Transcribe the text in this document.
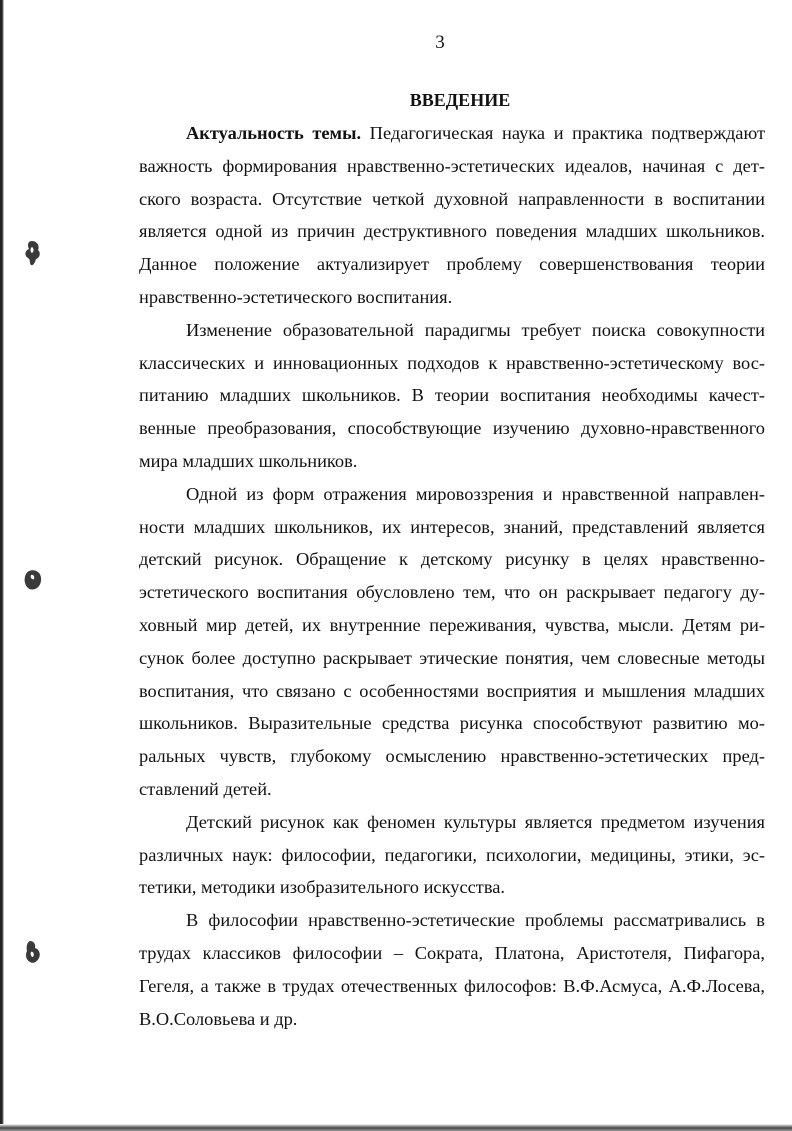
3
ВВЕДЕНИЕ

Актуальность темы. Педагогическая наука и практика подтверждают важность формирования нравственно-эстетических идеалов, начиная с детского возраста. Отсутствие четкой духовной направленности в воспитании является одной из причин деструктивного поведения младших школьников. Данное положение актуализирует проблему совершенствования теории нравственно-эстетического воспитания.

Изменение образовательной парадигмы требует поиска совокупности классических и инновационных подходов к нравственно-эстетическому воспитанию младших школьников. В теории воспитания необходимы качественные преобразования, способствующие изучению духовно-нравственного мира младших школьников.

Одной из форм отражения мировоззрения и нравственной направленности младших школьников, их интересов, знаний, представлений является детский рисунок. Обращение к детскому рисунку в целях нравственно-эстетического воспитания обусловлено тем, что он раскрывает педагогу духовный мир детей, их внутренние переживания, чувства, мысли. Детям рисунок более доступно раскрывает этические понятия, чем словесные методы воспитания, что связано с особенностями восприятия и мышления младших школьников. Выразительные средства рисунка способствуют развитию моральных чувств, глубокому осмыслению нравственно-эстетических представлений детей.

Детский рисунок как феномен культуры является предметом изучения различных наук: философии, педагогики, психологии, медицины, этики, эстетики, методики изобразительного искусства.

В философии нравственно-эстетические проблемы рассматривались в трудах классиков философии – Сократа, Платона, Аристотеля, Пифагора, Гегеля, а также в трудах отечественных философов: В.Ф.Асмуса, А.Ф.Лосева, В.О.Соловьева и др.
